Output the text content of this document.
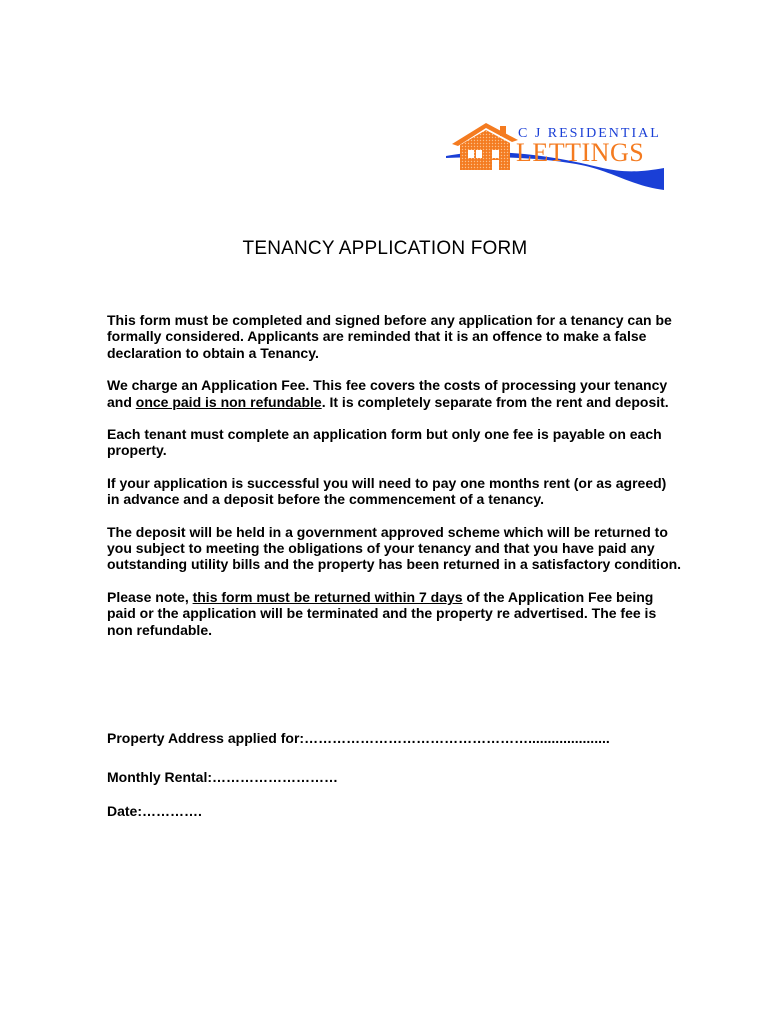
C J RESIDENTIAL
LETTINGS
TENANCY APPLICATION FORM

This form must be completed and signed before any application for a tenancy can be formally considered. Applicants are reminded that it is an offence to make a false declaration to obtain a Tenancy.

We charge an Application Fee. This fee covers the costs of processing your tenancy and once paid is non refundable. It is completely separate from the rent and deposit.

Each tenant must complete an application form but only one fee is payable on each property.

If your application is successful you will need to pay one months rent (or as agreed) in advance and a deposit before the commencement of a tenancy.

The deposit will be held in a government approved scheme which will be returned to you subject to meeting the obligations of your tenancy and that you have paid any outstanding utility bills and the property has been returned in a satisfactory condition.

Please note, this form must be returned within 7 days of the Application Fee being paid or the application will be terminated and the property re advertised. The fee is non refundable.

Property Address applied for:………………………………………….....................
Monthly Rental:………………………
Date:………….
